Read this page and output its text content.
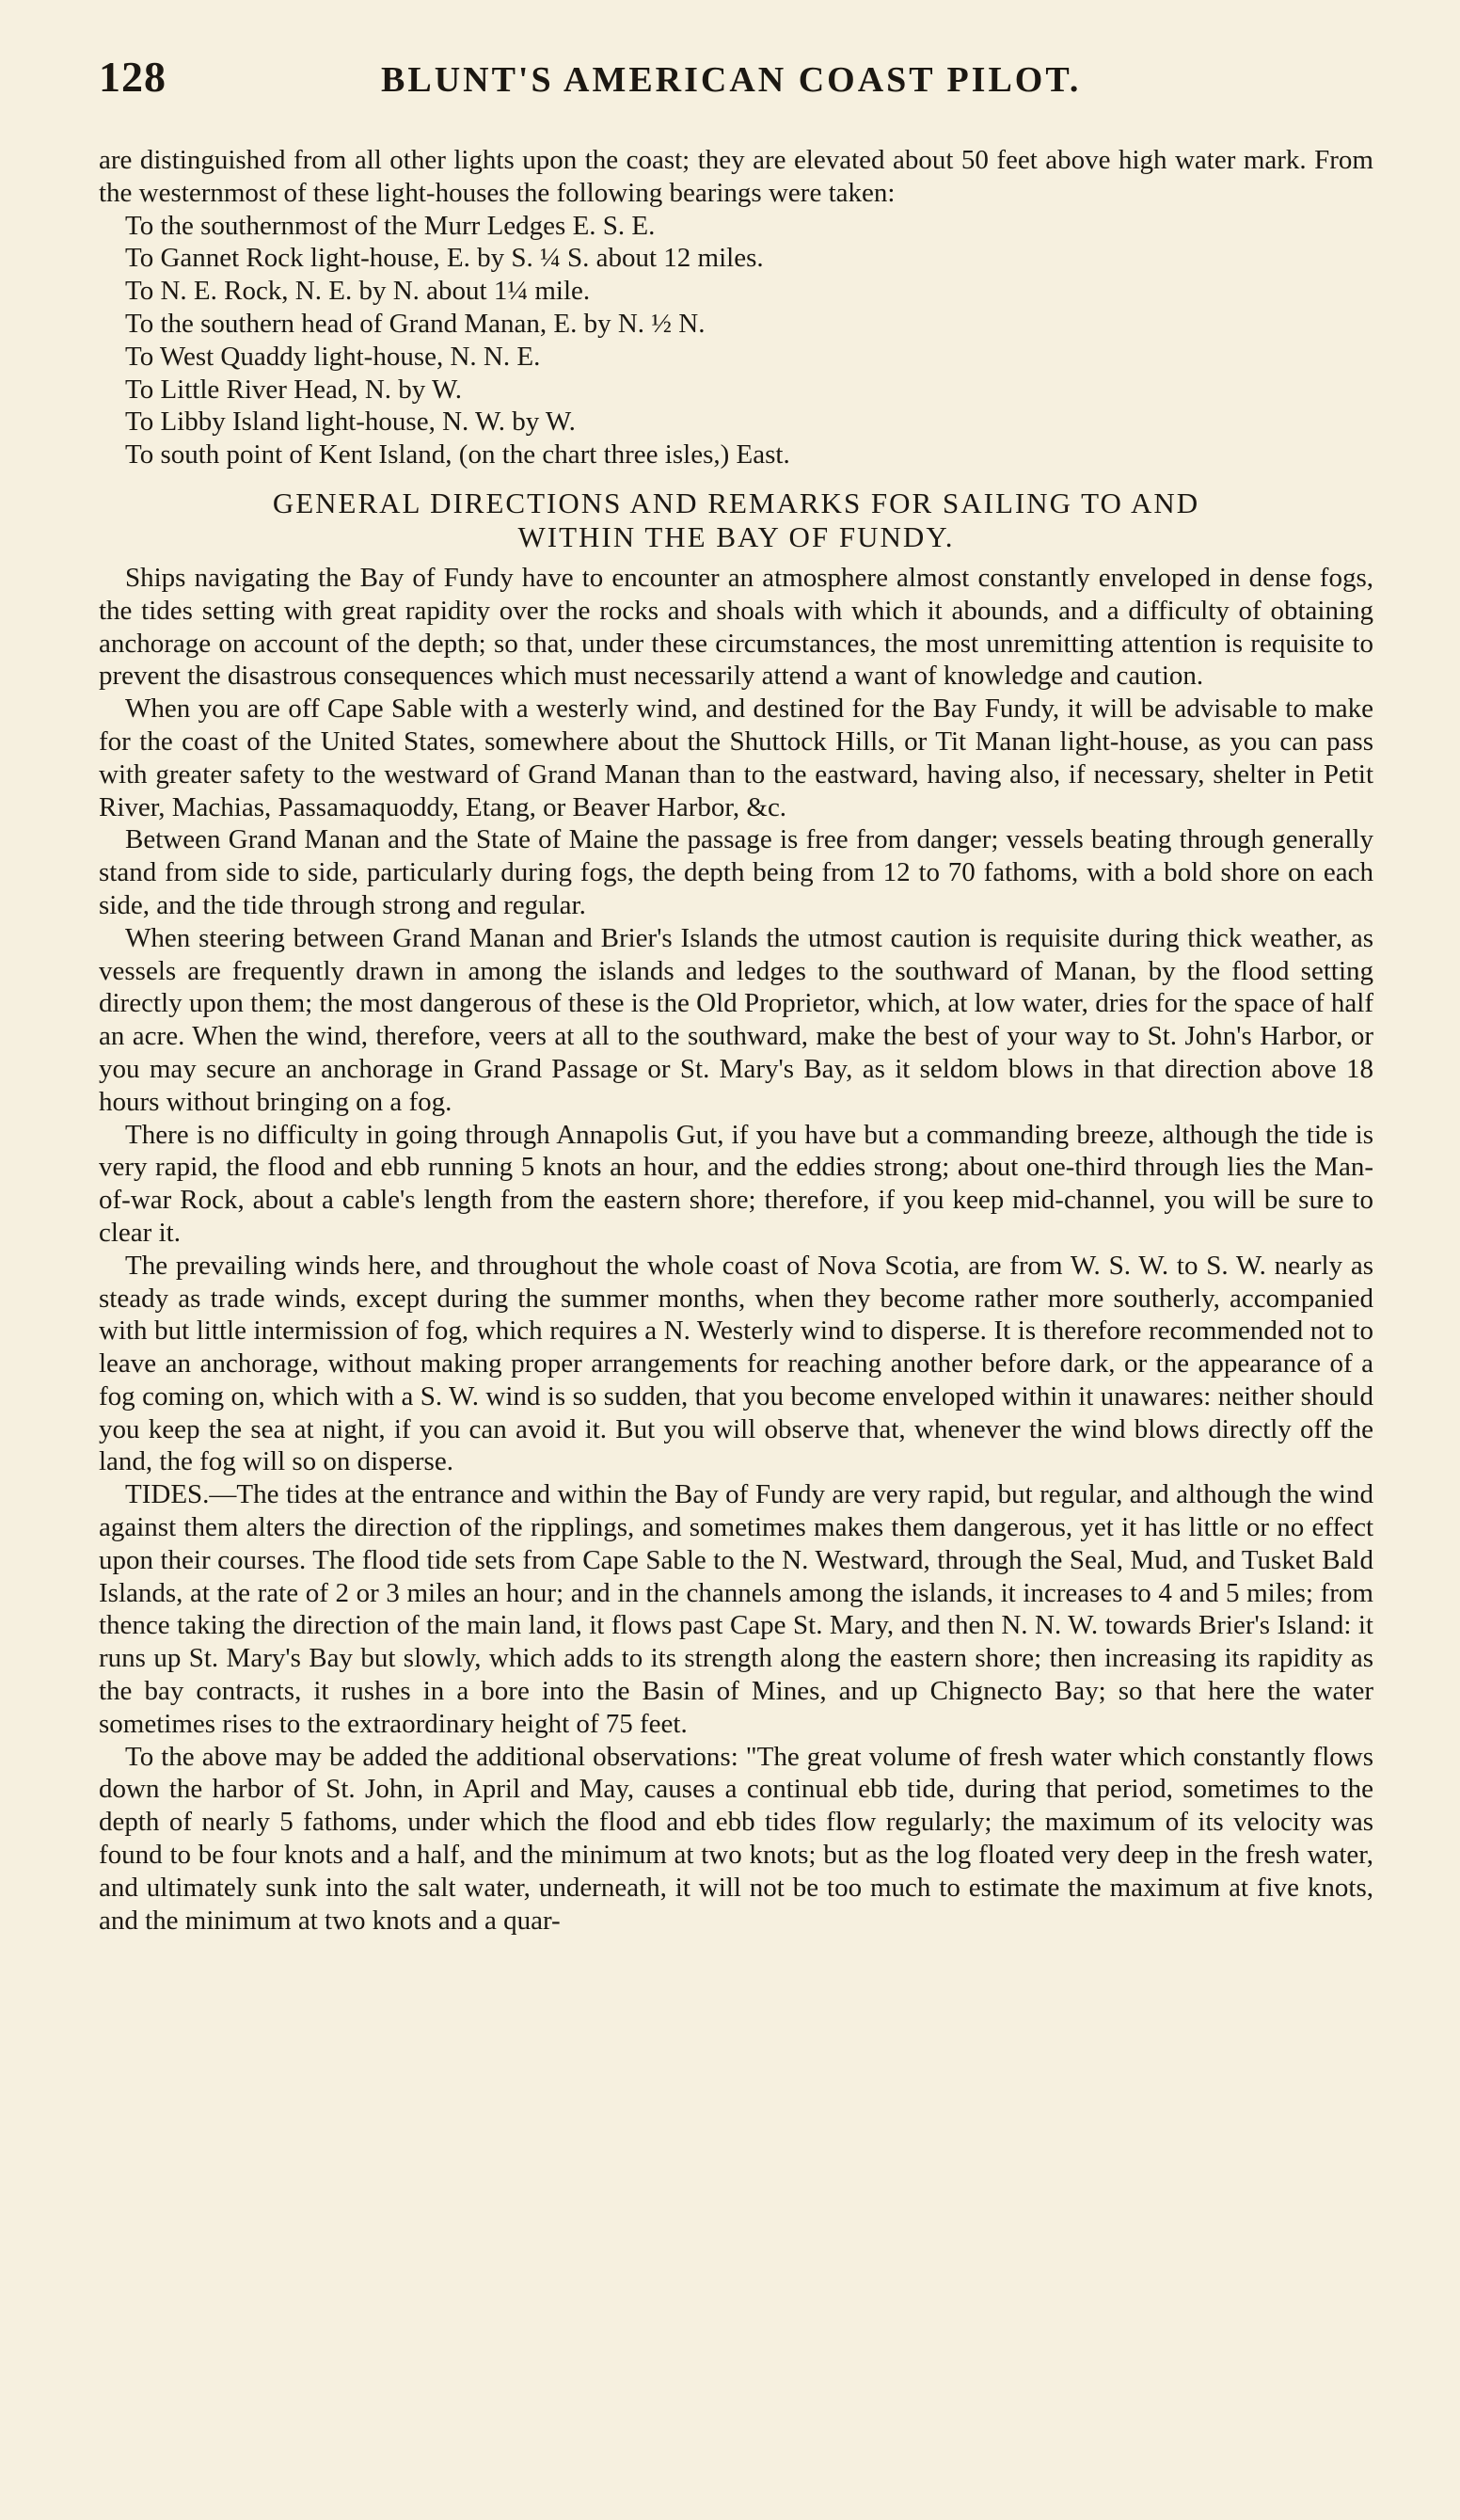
128	BLUNT'S AMERICAN COAST PILOT.

are distinguished from all other lights upon the coast; they are elevated about 50 feet above high water mark. From the westernmost of these light-houses the following bearings were taken:

To the southernmost of the Murr Ledges E. S. E.
To Gannet Rock light-house, E. by S. ¼ S. about 12 miles.
To N. E. Rock, N. E. by N. about 1¼ mile.
To the southern head of Grand Manan, E. by N. ½ N.
To West Quaddy light-house, N. N. E.
To Little River Head, N. by W.
To Libby Island light-house, N. W. by W.
To south point of Kent Island, (on the chart three isles,) East.
GENERAL DIRECTIONS AND REMARKS FOR SAILING TO AND
WITHIN THE BAY OF FUNDY.

Ships navigating the Bay of Fundy have to encounter an atmosphere almost constantly enveloped in dense fogs, the tides setting with great rapidity over the rocks and shoals with which it abounds, and a difficulty of obtaining anchorage on account of the depth; so that, under these circumstances, the most unremitting attention is requisite to prevent the disastrous consequences which must necessarily attend a want of knowledge and caution.

When you are off Cape Sable with a westerly wind, and destined for the Bay Fundy, it will be advisable to make for the coast of the United States, somewhere about the Shuttock Hills, or Tit Manan light-house, as you can pass with greater safety to the westward of Grand Manan than to the eastward, having also, if necessary, shelter in Petit River, Machias, Passamaquoddy, Etang, or Beaver Harbor, &c.

Between Grand Manan and the State of Maine the passage is free from danger; vessels beating through generally stand from side to side, particularly during fogs, the depth being from 12 to 70 fathoms, with a bold shore on each side, and the tide through strong and regular.

When steering between Grand Manan and Brier's Islands the utmost caution is requisite during thick weather, as vessels are frequently drawn in among the islands and ledges to the southward of Manan, by the flood setting directly upon them; the most dangerous of these is the Old Proprietor, which, at low water, dries for the space of half an acre. When the wind, therefore, veers at all to the southward, make the best of your way to St. John's Harbor, or you may secure an anchorage in Grand Passage or St. Mary's Bay, as it seldom blows in that direction above 18 hours without bringing on a fog.

There is no difficulty in going through Annapolis Gut, if you have but a commanding breeze, although the tide is very rapid, the flood and ebb running 5 knots an hour, and the eddies strong; about one-third through lies the Man-of-war Rock, about a cable's length from the eastern shore; therefore, if you keep mid-channel, you will be sure to clear it.

The prevailing winds here, and throughout the whole coast of Nova Scotia, are from W. S. W. to S. W. nearly as steady as trade winds, except during the summer months, when they become rather more southerly, accompanied with but little intermission of fog, which requires a N. Westerly wind to disperse. It is therefore recommended not to leave an anchorage, without making proper arrangements for reaching another before dark, or the appearance of a fog coming on, which with a S. W. wind is so sudden, that you become enveloped within it unawares: neither should you keep the sea at night, if you can avoid it. But you will observe that, whenever the wind blows directly off the land, the fog will so on disperse.

TIDES.—The tides at the entrance and within the Bay of Fundy are very rapid, but regular, and although the wind against them alters the direction of the ripplings, and sometimes makes them dangerous, yet it has little or no effect upon their courses. The flood tide sets from Cape Sable to the N. Westward, through the Seal, Mud, and Tusket Bald Islands, at the rate of 2 or 3 miles an hour; and in the channels among the islands, it increases to 4 and 5 miles; from thence taking the direction of the main land, it flows past Cape St. Mary, and then N. N. W. towards Brier's Island: it runs up St. Mary's Bay but slowly, which adds to its strength along the eastern shore; then increasing its rapidity as the bay contracts, it rushes in a bore into the Basin of Mines, and up Chignecto Bay; so that here the water sometimes rises to the extraordinary height of 75 feet.

To the above may be added the additional observations: "The great volume of fresh water which constantly flows down the harbor of St. John, in April and May, causes a continual ebb tide, during that period, sometimes to the depth of nearly 5 fathoms, under which the flood and ebb tides flow regularly; the maximum of its velocity was found to be four knots and a half, and the minimum at two knots; but as the log floated very deep in the fresh water, and ultimately sunk into the salt water, underneath, it will not be too much to estimate the maximum at five knots, and the minimum at two knots and a quar-
